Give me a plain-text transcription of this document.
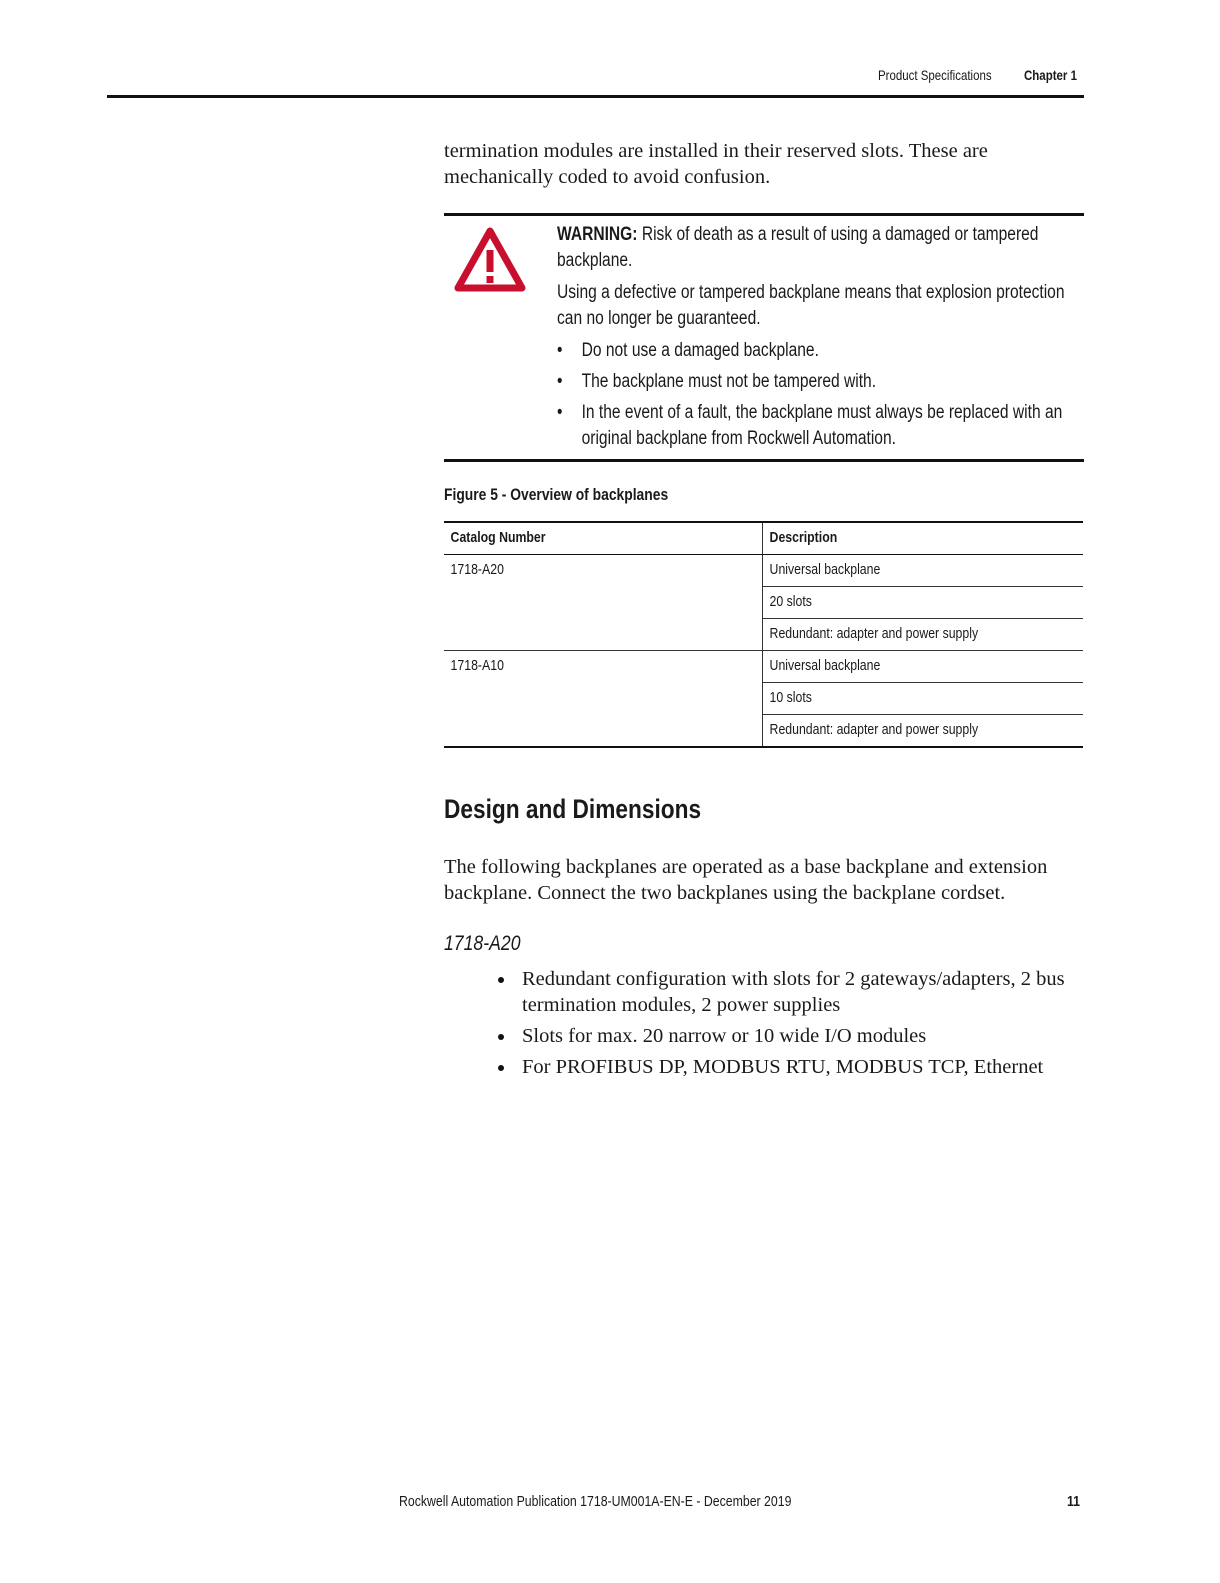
Product Specifications Chapter 1
termination modules are installed in their reserved slots. These are mechanically coded to avoid confusion.

WARNING: Risk of death as a result of using a damaged or tampered backplane.

Using a defective or tampered backplane means that explosion protection can no longer be guaranteed.

• Do not use a damaged backplane.
• The backplane must not be tampered with.
• In the event of a fault, the backplane must always be replaced with an original backplane from Rockwell Automation.
Figure 5 - Overview of backplanes
Catalog Number	Description
1718-A20	Universal backplane
	20 slots
	Redundant: adapter and power supply
1718-A10	Universal backplane
	10 slots
	Redundant: adapter and power supply
Design and Dimensions
The following backplanes are operated as a base backplane and extension backplane. Connect the two backplanes using the backplane cordset.
1718-A20
Redundant configuration with slots for 2 gateways/adapters, 2 bus termination modules, 2 power supplies
Slots for max. 20 narrow or 10 wide I/O modules
For PROFIBUS DP, MODBUS RTU, MODBUS TCP, Ethernet
Rockwell Automation Publication 1718-UM001A-EN-E - December 2019	11
